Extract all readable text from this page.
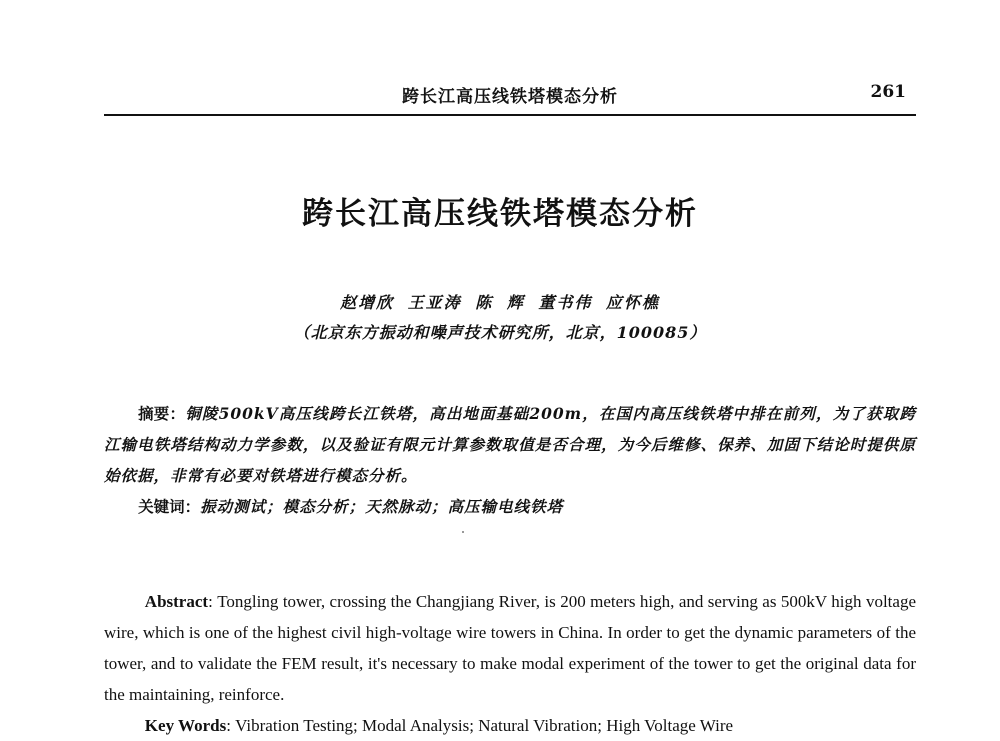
跨长江高压线铁塔模态分析	261
跨长江高压线铁塔模态分析
赵增欣 王亚涛 陈 辉 董书伟 应怀樵
（北京东方振动和噪声技术研究所，北京，100085）

摘要：铜陵500kV高压线跨长江铁塔，高出地面基础200m，在国内高压线铁塔中排在前列，为了获取跨江输电铁塔结构动力学参数，以及验证有限元计算参数取值是否合理，为今后维修、保养、加固下结论时提供原始依据，非常有必要对铁塔进行模态分析。

关键词：振动测试；模态分析；天然脉动；高压输电线铁塔

Abstract: Tongling tower, crossing the Changjiang River, is 200 meters high, and serving as 500kV high voltage wire, which is one of the highest civil high-voltage wire towers in China. In order to get the dynamic parameters of the tower, and to validate the FEM result, it's necessary to make modal experiment of the tower to get the original data for the maintaining, reinforce.

Key Words: Vibration Testing; Modal Analysis; Natural Vibration; High Voltage Wire
